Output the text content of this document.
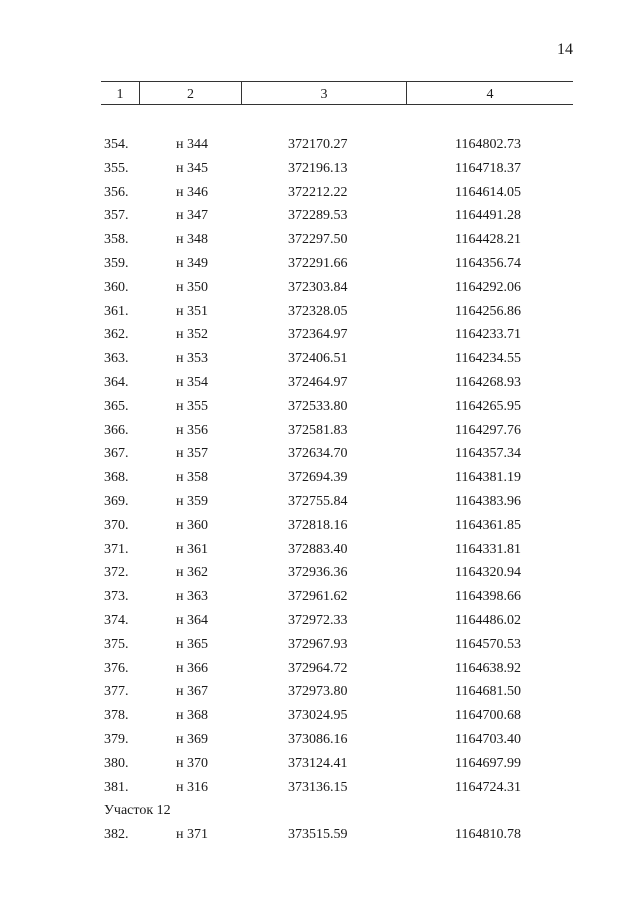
14
1	2	3	4
354.	н 344	372170.27	1164802.73
355.	н 345	372196.13	1164718.37
356.	н 346	372212.22	1164614.05
357.	н 347	372289.53	1164491.28
358.	н 348	372297.50	1164428.21
359.	н 349	372291.66	1164356.74
360.	н 350	372303.84	1164292.06
361.	н 351	372328.05	1164256.86
362.	н 352	372364.97	1164233.71
363.	н 353	372406.51	1164234.55
364.	н 354	372464.97	1164268.93
365.	н 355	372533.80	1164265.95
366.	н 356	372581.83	1164297.76
367.	н 357	372634.70	1164357.34
368.	н 358	372694.39	1164381.19
369.	н 359	372755.84	1164383.96
370.	н 360	372818.16	1164361.85
371.	н 361	372883.40	1164331.81
372.	н 362	372936.36	1164320.94
373.	н 363	372961.62	1164398.66
374.	н 364	372972.33	1164486.02
375.	н 365	372967.93	1164570.53
376.	н 366	372964.72	1164638.92
377.	н 367	372973.80	1164681.50
378.	н 368	373024.95	1164700.68
379.	н 369	373086.16	1164703.40
380.	н 370	373124.41	1164697.99
381.	н 316	373136.15	1164724.31
Участок 12
382.	н 371	373515.59	1164810.78
